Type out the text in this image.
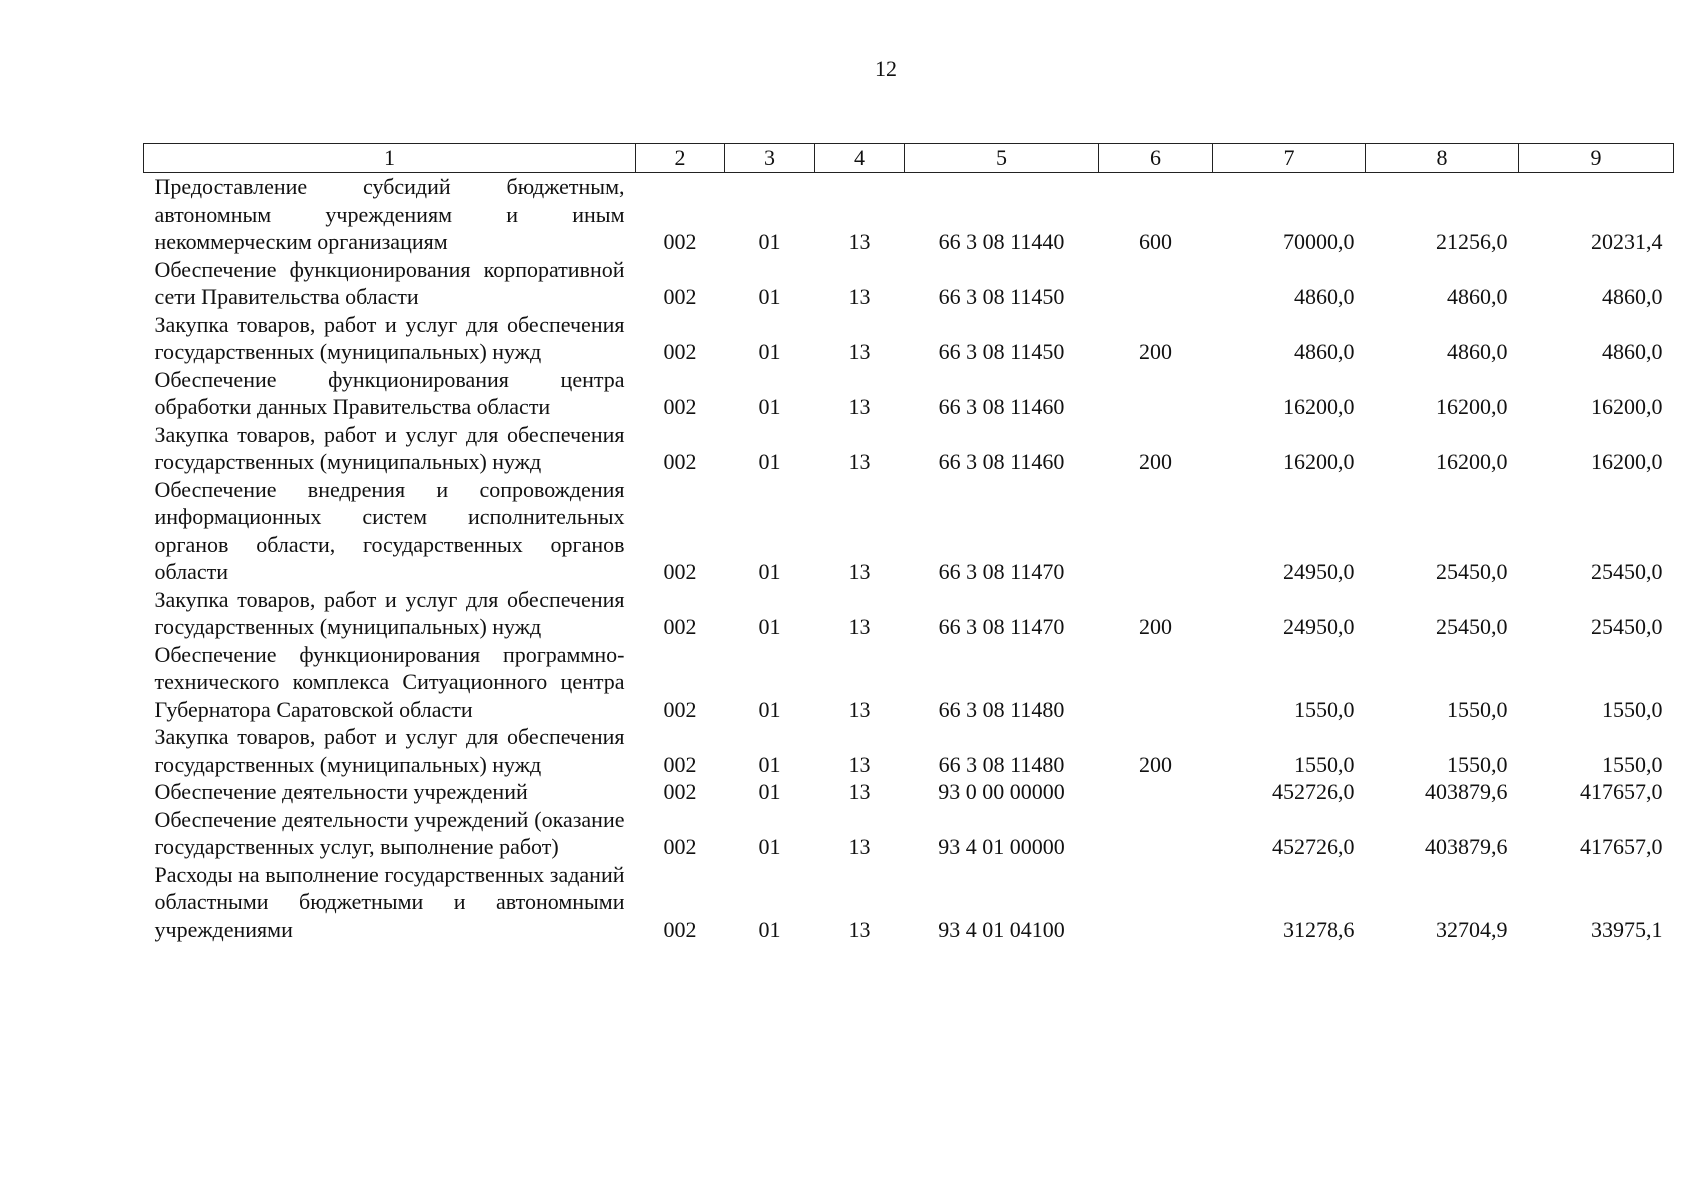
12
1	2	3	4	5	6	7	8	9
Предоставление субсидий бюджетным, автономным учреждениям и иным некоммерческим организациям	002	01	13	66 3 08 11440	600	70000,0	21256,0	20231,4
Обеспечение функционирования корпоративной сети Правительства области	002	01	13	66 3 08 11450		4860,0	4860,0	4860,0
Закупка товаров, работ и услуг для обеспечения государственных (муниципальных) нужд	002	01	13	66 3 08 11450	200	4860,0	4860,0	4860,0
Обеспечение функционирования центра обработки данных Правительства области	002	01	13	66 3 08 11460		16200,0	16200,0	16200,0
Закупка товаров, работ и услуг для обеспечения государственных (муниципальных) нужд	002	01	13	66 3 08 11460	200	16200,0	16200,0	16200,0
Обеспечение внедрения и сопровождения информационных систем исполнительных органов области, государственных органов области	002	01	13	66 3 08 11470		24950,0	25450,0	25450,0
Закупка товаров, работ и услуг для обеспечения государственных (муниципальных) нужд	002	01	13	66 3 08 11470	200	24950,0	25450,0	25450,0
Обеспечение функционирования программно-технического комплекса Ситуационного центра Губернатора Саратовской области	002	01	13	66 3 08 11480		1550,0	1550,0	1550,0
Закупка товаров, работ и услуг для обеспечения государственных (муниципальных) нужд	002	01	13	66 3 08 11480	200	1550,0	1550,0	1550,0
Обеспечение деятельности учреждений	002	01	13	93 0 00 00000		452726,0	403879,6	417657,0
Обеспечение деятельности учреждений (оказание государственных услуг, выполнение работ)	002	01	13	93 4 01 00000		452726,0	403879,6	417657,0
Расходы на выполнение государственных заданий областными бюджетными и автономными учреждениями	002	01	13	93 4 01 04100		31278,6	32704,9	33975,1
